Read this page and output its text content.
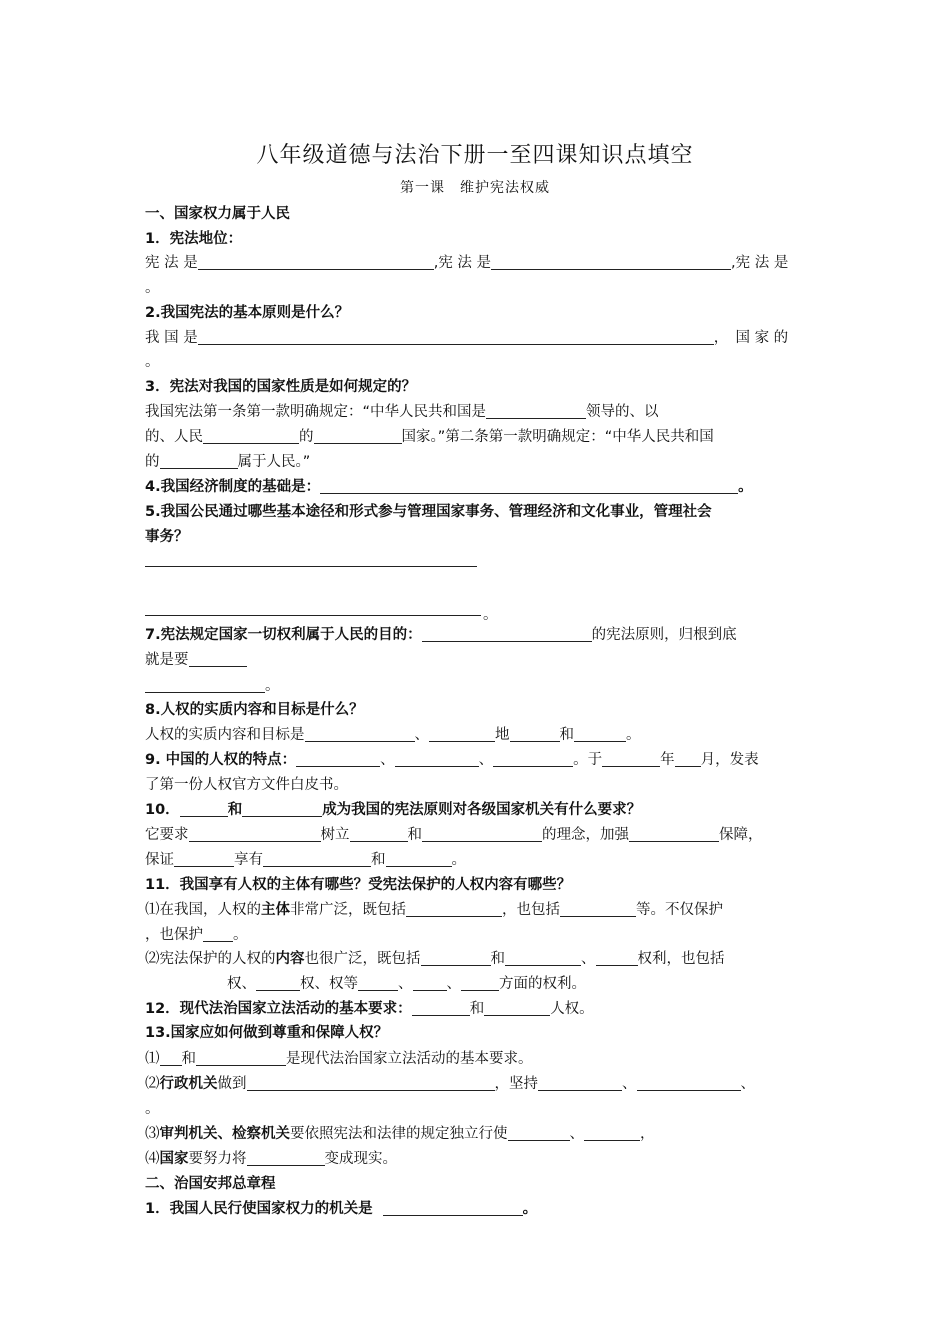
八年级道德与法治下册一至四课知识点填空
第一课　维护宪法权威
一、国家权力属于人民
1．宪法地位：
宪 法 是	,宪 法 是	,宪 法 是
。
2.我国宪法的基本原则是什么？
我 国 是	，　国 家 的
。
3．宪法对我国的国家性质是如何规定的？
我国宪法第一条第一款明确规定：“中华人民共和国是	领导的、以
的、人民	的	国家。”第二条第一款明确规定：“中华人民共和国
的	属于人民。”
4.我国经济制度的基础是：	。
5.我国公民通过哪些基本途径和形式参与管理国家事务、管理经济和文化事业，管理社会
事务？
。
7.宪法规定国家一切权利属于人民的目的：	的宪法原则，归根到底
就是要
。
8.人权的实质内容和目标是什么？
人权的实质内容和目标是	、	地	和	。
9. 中国的人权的特点：	、	、	。于	年 月，发表
了第一份人权官方文件白皮书。
10．	和	成为我国的宪法原则对各级国家机关有什么要求？
它要求	树立	和	的理念，加强	保障，
保证	享有	和	。
11．我国享有人权的主体有哪些？受宪法保护的人权内容有哪些？
⑴在我国，人权的主体非常广泛，既包括	，也包括	等。不仅保护
，也保护 。
⑵宪法保护的人权的内容也很广泛，既包括	和	、	权利，也包括
权、	权、权等	、 、	方面的权利。
12．现代法治国家立法活动的基本要求：	和	人权。
13.国家应如何做到尊重和保障人权？
⑴ 和	是现代法治国家立法活动的基本要求。
⑵行政机关做到	，坚持	、	、
。
⑶审判机关、检察机关要依照宪法和法律的规定独立行使	、	，
⑷国家要努力将	变成现实。
二、治国安邦总章程
1．我国人民行使国家权力的机关是	。
